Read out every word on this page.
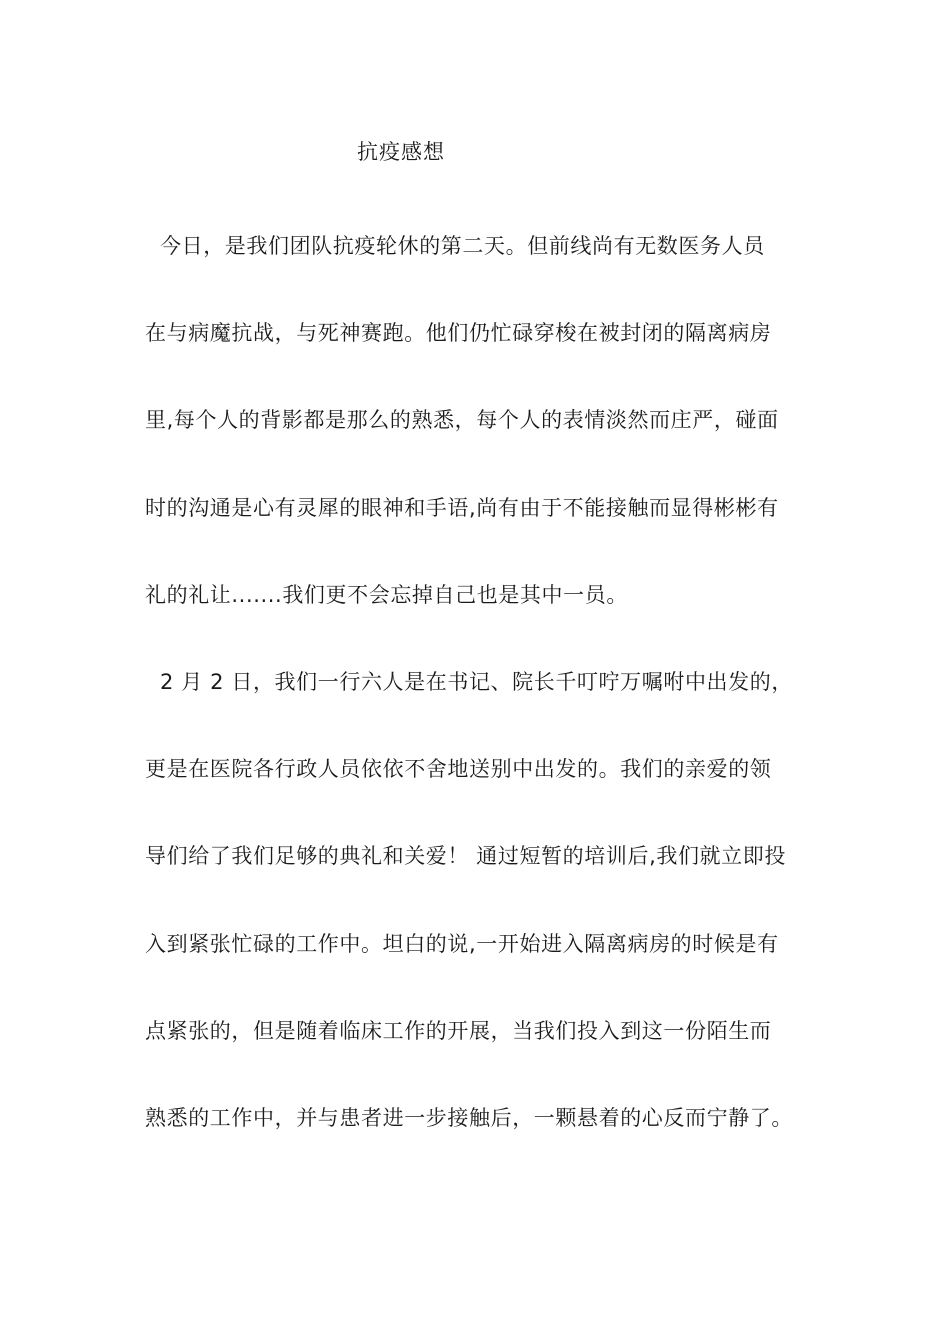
抗疫感想
今日，是我们团队抗疫轮休的第二天。但前线尚有无数医务人员
在与病魔抗战，与死神赛跑。他们仍忙碌穿梭在被封闭的隔离病房
里,每个人的背影都是那么的熟悉，每个人的表情淡然而庄严，碰面
时的沟通是心有灵犀的眼神和手语,尚有由于不能接触而显得彬彬有
礼的礼让.......我们更不会忘掉自己也是其中一员。
2 月 2 日，我们一行六人是在书记、院长千叮咛万嘱咐中出发的，
更是在医院各行政人员依依不舍地送别中出发的。我们的亲爱的领
导们给了我们足够的典礼和关爱！ 通过短暂的培训后,我们就立即投
入到紧张忙碌的工作中。坦白的说,一开始进入隔离病房的时候是有
点紧张的，但是随着临床工作的开展，当我们投入到这一份陌生而
熟悉的工作中，并与患者进一步接触后，一颗悬着的心反而宁静了。
